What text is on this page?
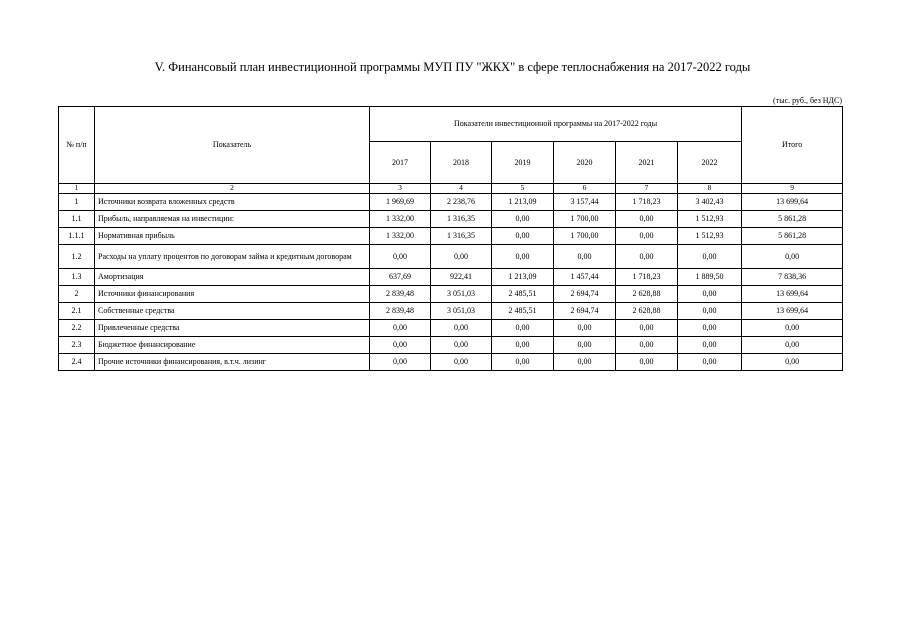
V. Финансовый план инвестиционной программы МУП ПУ "ЖКХ" в сфере теплоснабжения на 2017-2022 годы
(тыс. руб., без НДС)
№ п/п	Показатель	Показатели инвестиционной программы на 2017-2022 годы						Итого
		2017	2018	2019	2020	2021	2022	
1	2	3	4	5	6	7	8	9
1	Источники возврата вложенных средств	1 969,69	2 238,76	1 213,09	3 157,44	1 718,23	3 402,43	13 699,64
1.1	Прибыль, направляемая на инвестиции:	1 332,00	1 316,35	0,00	1 700,00	0,00	1 512,93	5 861,28
1.1.1	Нормативная прибыль	1 332,00	1 316,35	0,00	1 700,00	0,00	1 512,93	5 861,28
1.2	Расходы на уплату процентов по договорам займа и кредитным договорам	0,00	0,00	0,00	0,00	0,00	0,00	0,00
1.3	Амортизация	637,69	922,41	1 213,09	1 457,44	1 718,23	1 889,50	7 838,36
2	Источники финансирования	2 839,48	3 051,03	2 485,51	2 694,74	2 628,88	0,00	13 699,64
2.1	Собственные средства	2 839,48	3 051,03	2 485,51	2 694,74	2 628,88	0,00	13 699,64
2.2	Привлеченные средства	0,00	0,00	0,00	0,00	0,00	0,00	0,00
2.3	Бюджетное финансирование	0,00	0,00	0,00	0,00	0,00	0,00	0,00
2.4	Прочие источники финансирования, в.т.ч. лизинг	0,00	0,00	0,00	0,00	0,00	0,00	0,00
